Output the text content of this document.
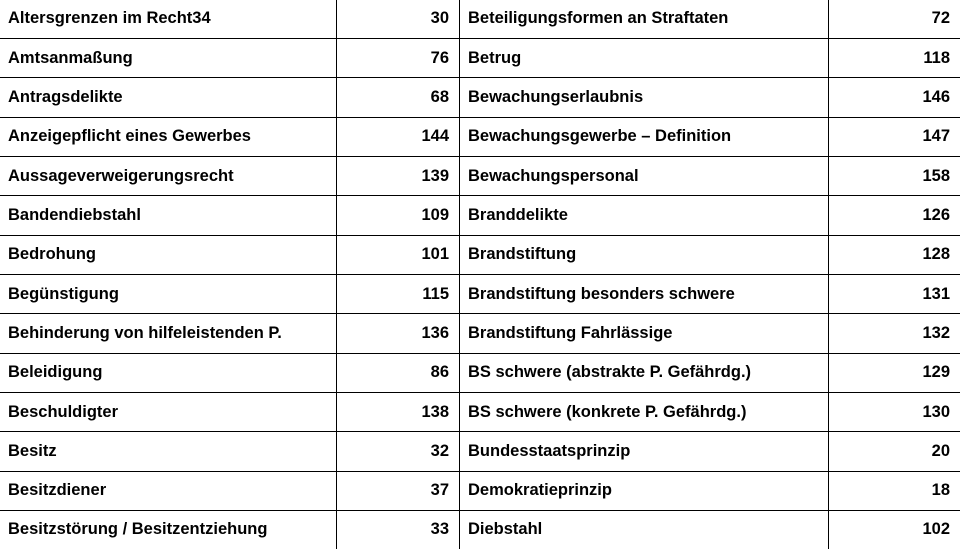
Altersgrenzen im Recht34	30	Beteiligungsformen an Straftaten	72
Amtsanmaßung	76	Betrug	118
Antragsdelikte	68	Bewachungserlaubnis	146
Anzeigepflicht eines Gewerbes	144	Bewachungsgewerbe – Definition	147
Aussageverweigerungsrecht	139	Bewachungspersonal	158
Bandendiebstahl	109	Branddelikte	126
Bedrohung	101	Brandstiftung	128
Begünstigung	115	Brandstiftung besonders schwere	131
Behinderung von hilfeleistenden P.	136	Brandstiftung Fahrlässige	132
Beleidigung	86	BS schwere (abstrakte P. Gefährdg.)	129
Beschuldigter	138	BS schwere (konkrete P. Gefährdg.)	130
Besitz	32	Bundesstaatsprinzip	20
Besitzdiener	37	Demokratieprinzip	18
Besitzstörung / Besitzentziehung	33	Diebstahl	102
